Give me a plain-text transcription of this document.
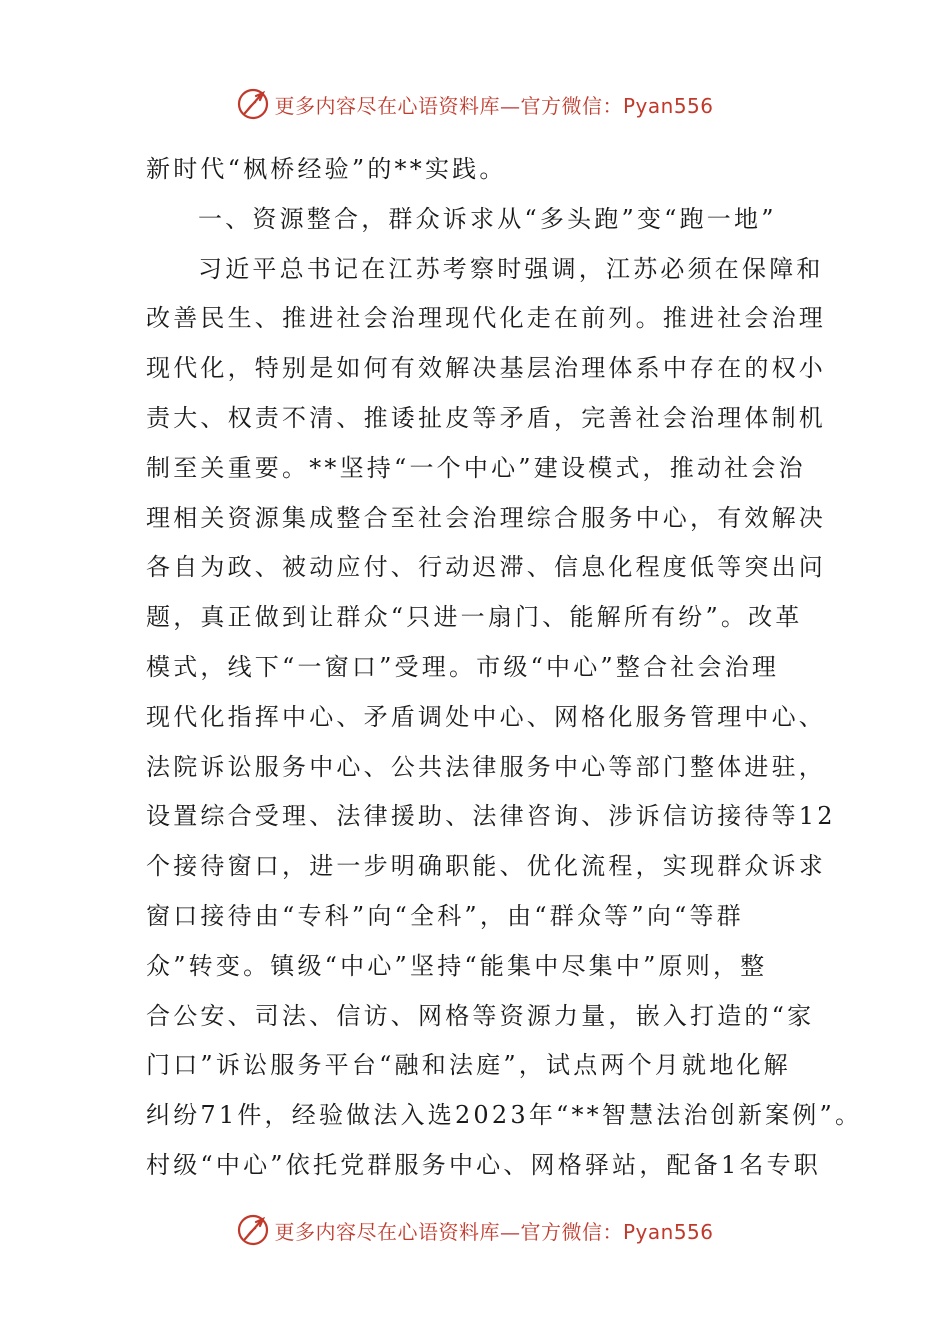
更多内容尽在心语资料库—官方微信：Pyan556

新时代“枫桥经验”的**实践。

一、资源整合，群众诉求从“多头跑”变“跑一地”

习近平总书记在江苏考察时强调，江苏必须在保障和

改善民生、推进社会治理现代化走在前列。推进社会治理

现代化，特别是如何有效解决基层治理体系中存在的权小

责大、权责不清、推诿扯皮等矛盾，完善社会治理体制机

制至关重要。**坚持“一个中心”建设模式，推动社会治

理相关资源集成整合至社会治理综合服务中心，有效解决

各自为政、被动应付、行动迟滞、信息化程度低等突出问

题，真正做到让群众“只进一扇门、能解所有纷”。改革

模式，线下“一窗口”受理。市级“中心”整合社会治理

现代化指挥中心、矛盾调处中心、网格化服务管理中心、

法院诉讼服务中心、公共法律服务中心等部门整体进驻，

设置综合受理、法律援助、法律咨询、涉诉信访接待等12

个接待窗口，进一步明确职能、优化流程，实现群众诉求

窗口接待由“专科”向“全科”，由“群众等”向“等群

众”转变。镇级“中心”坚持“能集中尽集中”原则，整

合公安、司法、信访、网格等资源力量，嵌入打造的“家

门口”诉讼服务平台“融和法庭”，试点两个月就地化解

纠纷71件，经验做法入选2023年“**智慧法治创新案例”。

村级“中心”依托党群服务中心、网格驿站，配备1名专职

更多内容尽在心语资料库—官方微信：Pyan556
